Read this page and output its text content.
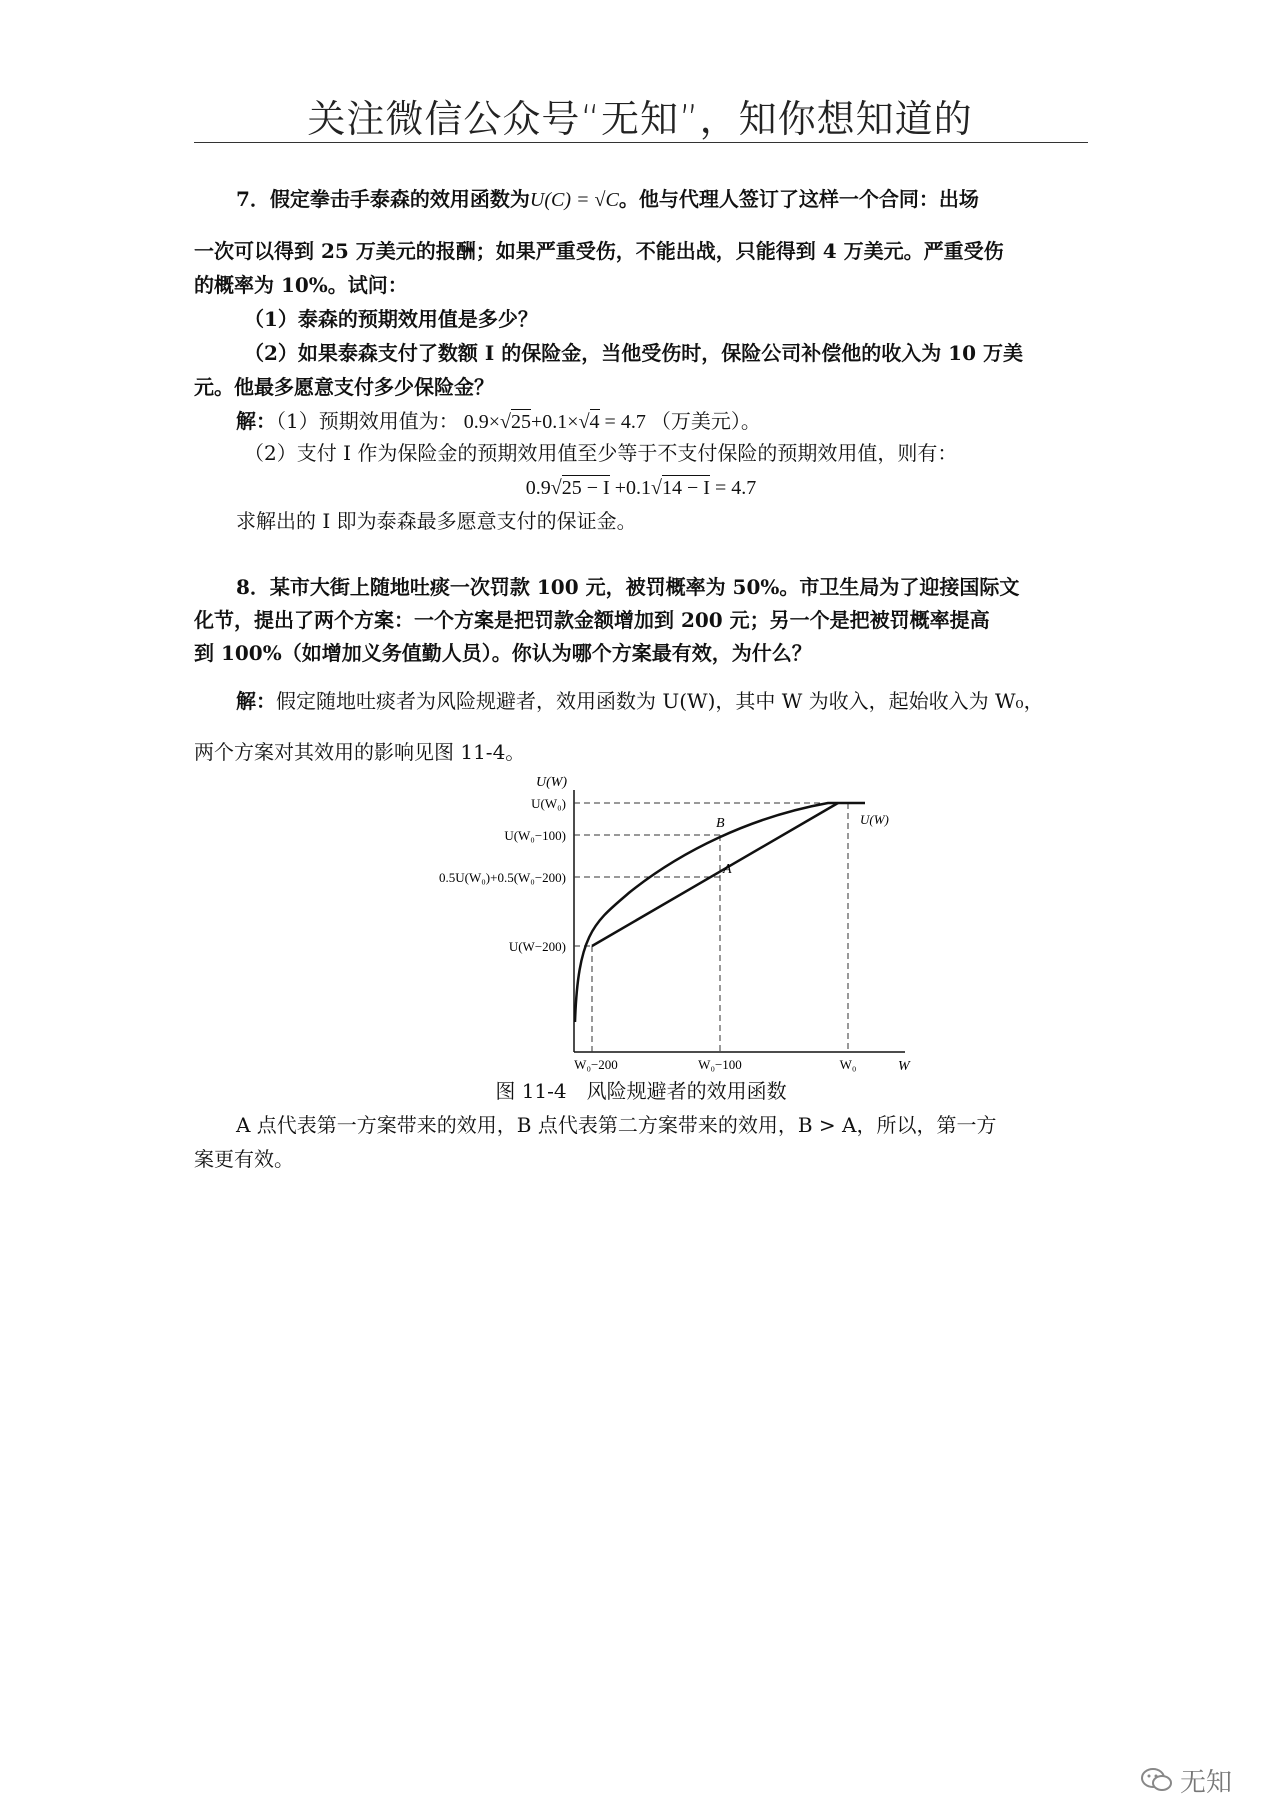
关注微信公众号“无知”，知你想知道的
7．假定拳击手泰森的效用函数为U(C) = √C。他与代理人签订了这样一个合同：出场
一次可以得到 25 万美元的报酬；如果严重受伤，不能出战，只能得到 4 万美元。严重受伤
的概率为 10%。试问：
（1）泰森的预期效用值是多少？
（2）如果泰森支付了数额 I 的保险金，当他受伤时，保险公司补偿他的收入为 10 万美
元。他最多愿意支付多少保险金？
解：（1）预期效用值为： 0.9×√25+0.1×√4 = 4.7 （万美元）。
（2）支付 I 作为保险金的预期效用值至少等于不支付保险的预期效用值，则有：
0.9√25 − I +0.1√14 − I = 4.7
求解出的 I 即为泰森最多愿意支付的保证金。
8．某市大街上随地吐痰一次罚款 100 元，被罚概率为 50%。市卫生局为了迎接国际文
化节，提出了两个方案：一个方案是把罚款金额增加到 200 元；另一个是把被罚概率提高
到 100%（如增加义务值勤人员）。你认为哪个方案最有效，为什么？
解：假定随地吐痰者为风险规避者，效用函数为 U(W)，其中 W 为收入，起始收入为 W₀，
两个方案对其效用的影响见图 11-4。
U(W)
W
B
A
U(W)
U(W₀)
U(W₀−100)
0.5U(W₀)+0.5(W₀−200)
U(W−200)
W₀−200	W₀−100	W₀
图 11-4　风险规避者的效用函数
A 点代表第一方案带来的效用，B 点代表第二方案带来的效用，B > A，所以，第一方
案更有效。
无知
